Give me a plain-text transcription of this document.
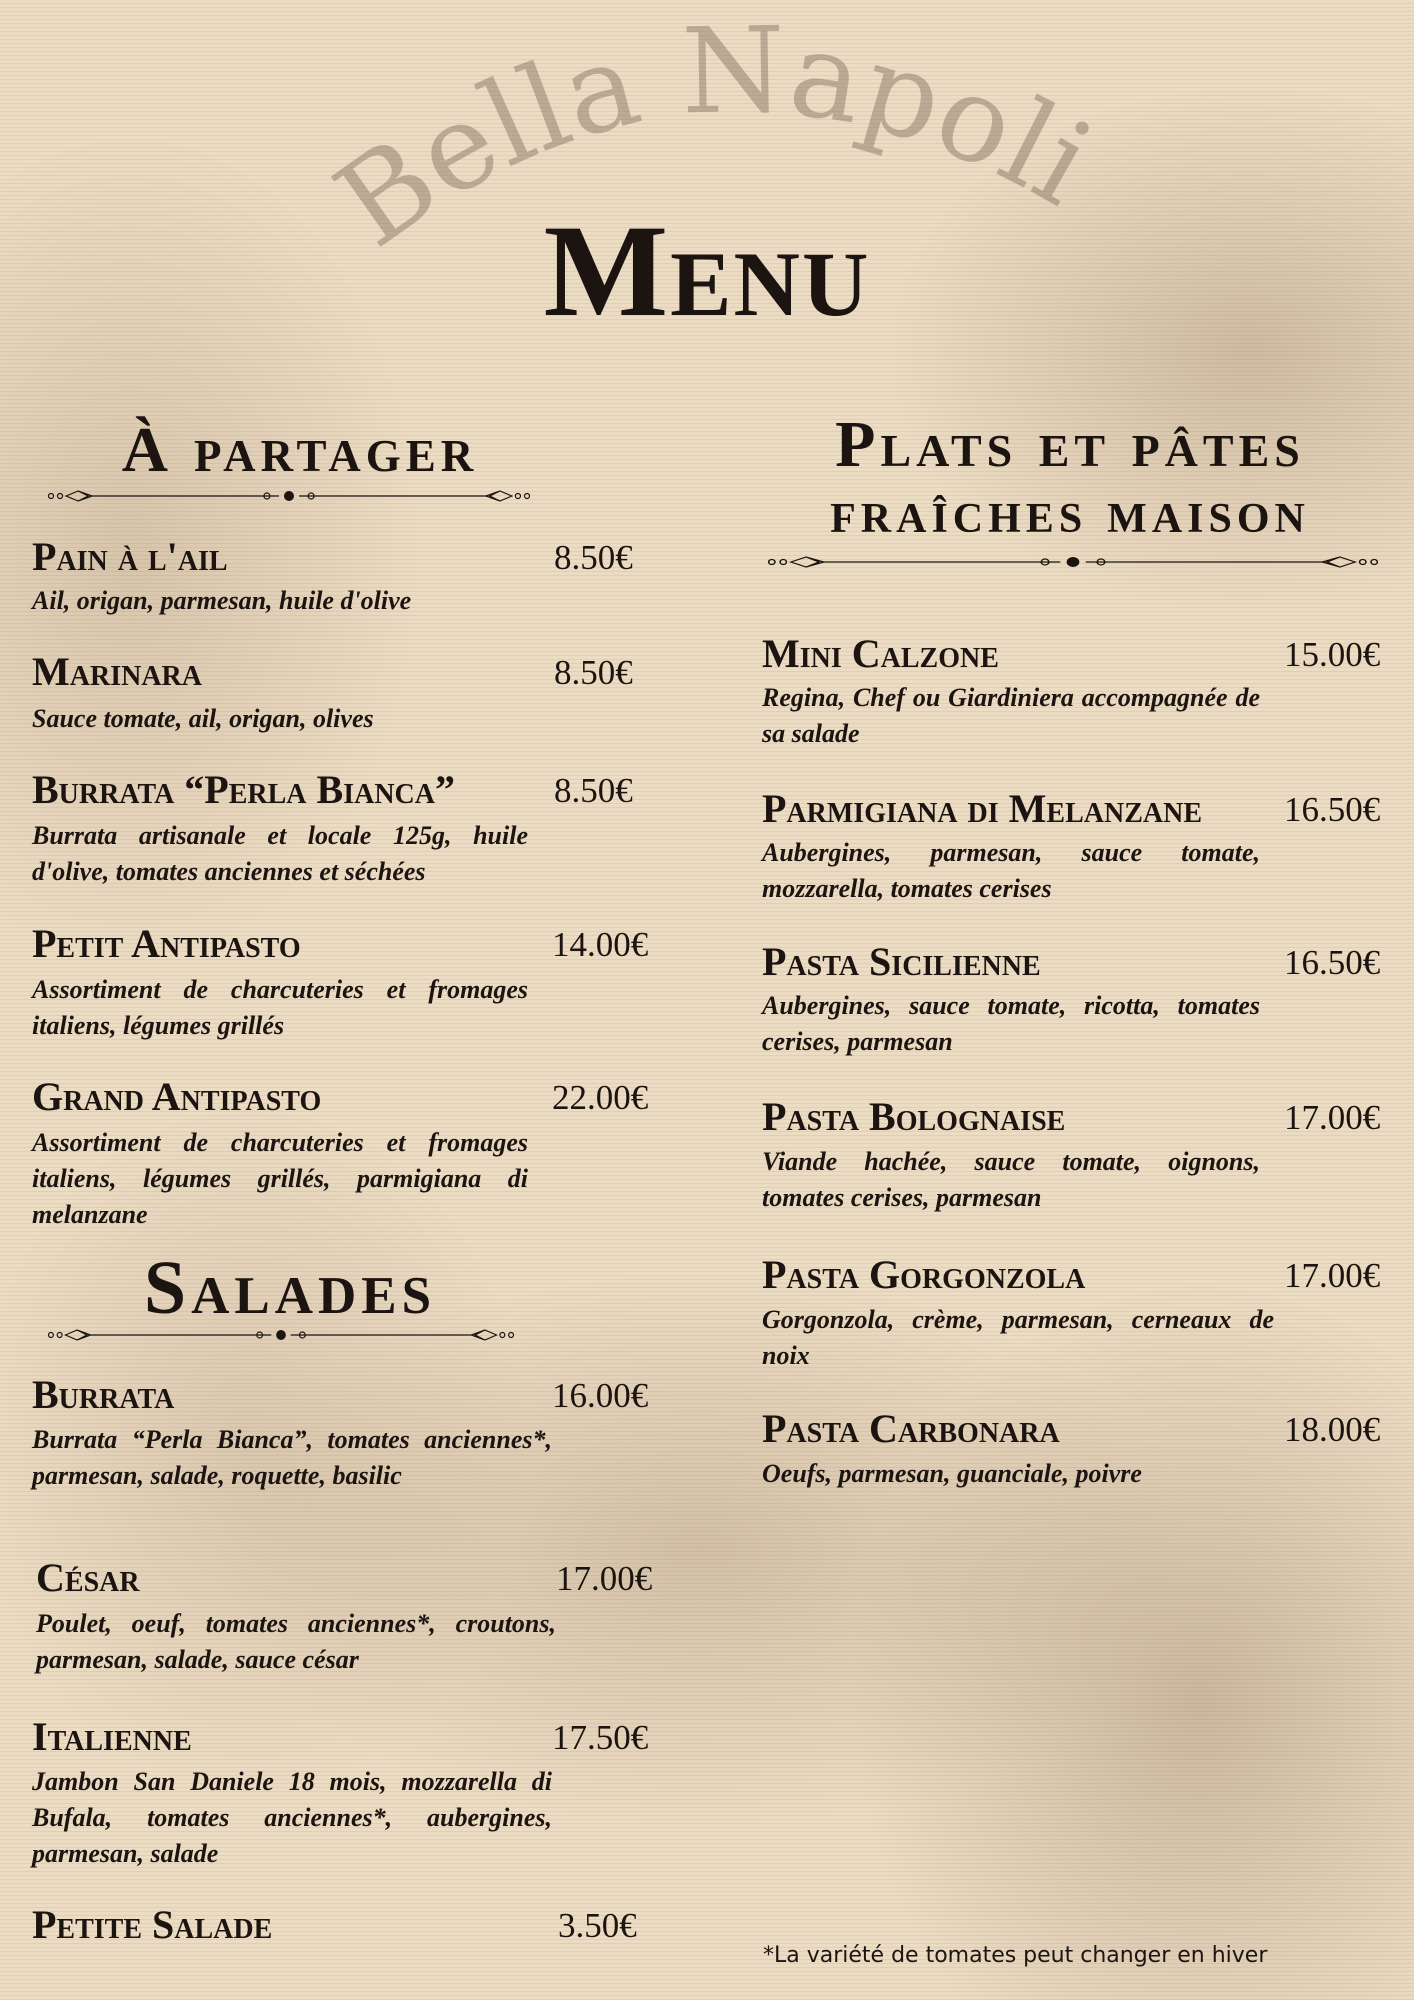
Bella Napoli
Menu
À partager
Pain à l'ail	8.50€
Ail, origan, parmesan, huile d'olive
Marinara	8.50€
Sauce tomate, ail, origan, olives
Burrata “Perla Bianca”	8.50€
Burrata artisanale et locale 125g, huile d'olive, tomates anciennes et séchées
Petit Antipasto	14.00€
Assortiment de charcuteries et fromages italiens, légumes grillés
Grand Antipasto	22.00€
Assortiment de charcuteries et fromages italiens, légumes grillés, parmigiana di melanzane
Salades
Burrata	16.00€
Burrata “Perla Bianca”, tomates anciennes*, parmesan, salade, roquette, basilic
César	17.00€
Poulet, oeuf, tomates anciennes*, croutons, parmesan, salade, sauce césar
Italienne	17.50€
Jambon San Daniele 18 mois, mozzarella di Bufala, tomates anciennes*, aubergines, parmesan, salade
Petite Salade	3.50€
Plats et pâtes
fraîches maison
Mini Calzone	15.00€
Regina, Chef ou Giardiniera accompagnée de sa salade
Parmigiana di Melanzane 16.50€
Aubergines, parmesan, sauce tomate, mozzarella, tomates cerises
Pasta Sicilienne	16.50€
Aubergines, sauce tomate, ricotta, tomates cerises, parmesan
Pasta Bolognaise	17.00€
Viande hachée, sauce tomate, oignons, tomates cerises, parmesan
Pasta Gorgonzola	17.00€
Gorgonzola, crème, parmesan, cerneaux de noix
Pasta Carbonara	18.00€
Oeufs, parmesan, guanciale, poivre
*La variété de tomates peut changer en hiver
